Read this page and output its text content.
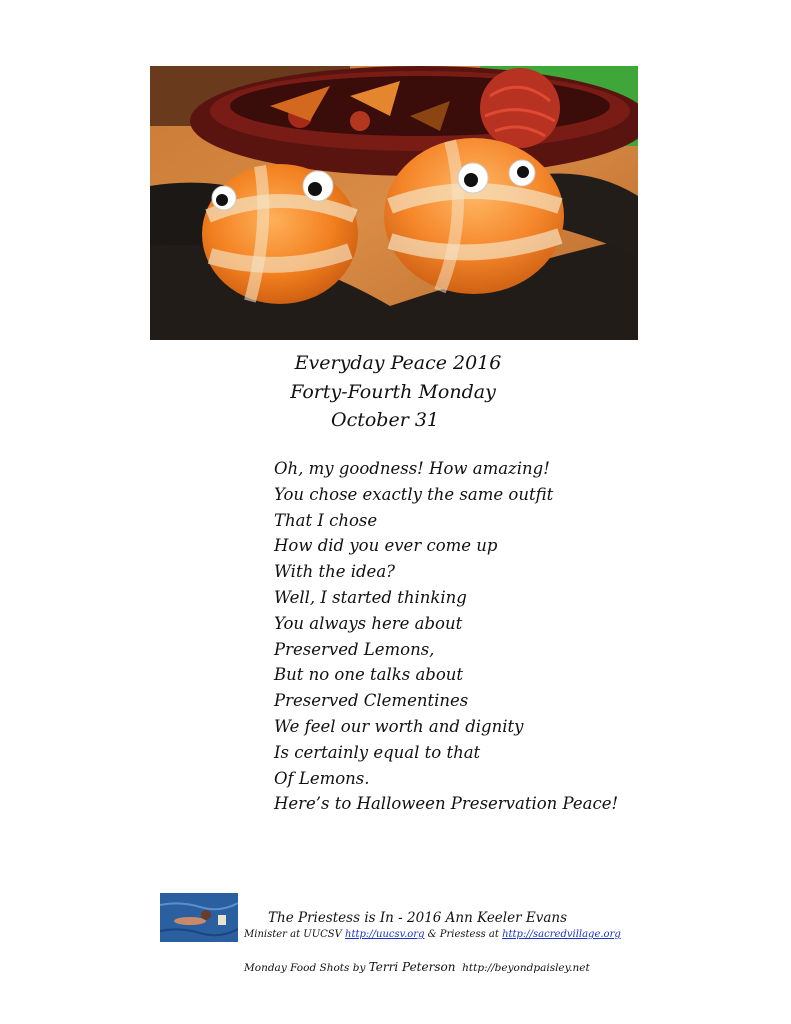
Everyday Peace 2016
Forty-Fourth Monday
October 31
Oh, my goodness! How amazing!
You chose exactly the same outfit
That I chose
How did you ever come up
With the idea?
Well, I started thinking
You always here about
Preserved Lemons,
But no one talks about
Preserved Clementines
We feel our worth and dignity
Is certainly equal to that
Of Lemons.
Here’s to Halloween Preservation Peace!
The Priestess is In - 2016 Ann Keeler Evans
Minister at UUCSV http://uucsv.org & Priestess at http://sacredvillage.org
Monday Food Shots by Terri Peterson http://beyondpaisley.net
